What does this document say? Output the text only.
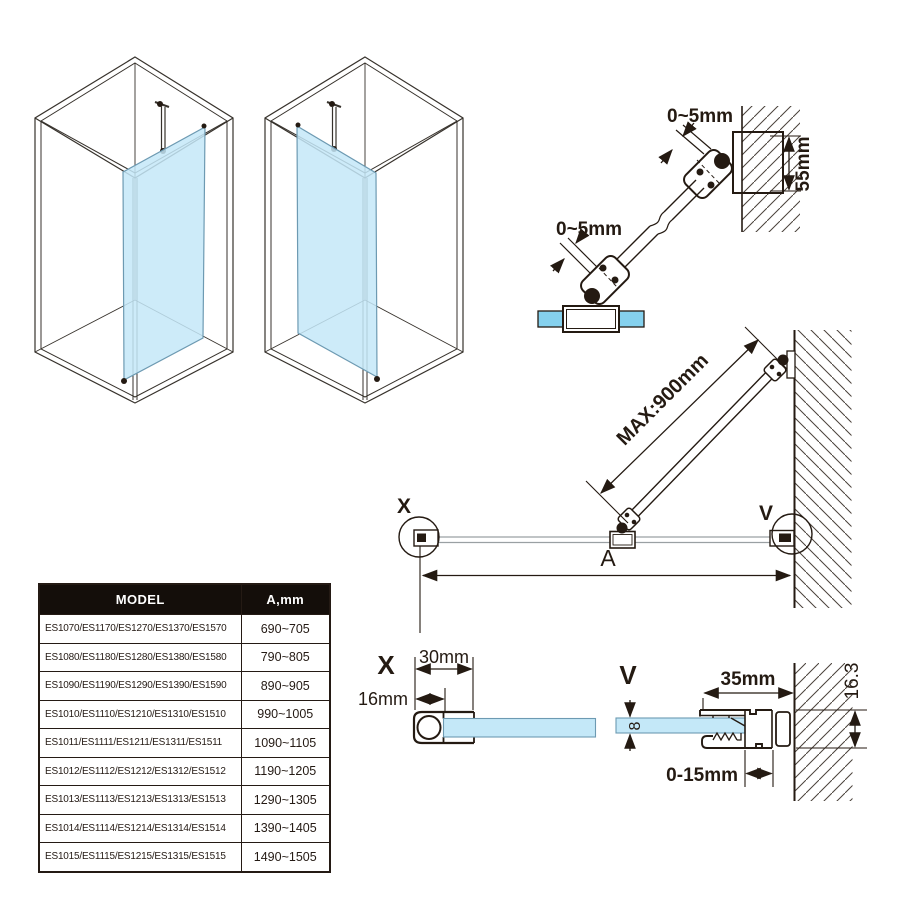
0~5mm
0~5mm
55mm
X	V
MAX:900mm
A
X 30mm
16mm
V
8
35mm
0-15mm
16.3
MODEL	A,mm
ES1070/ES1170/ES1270/ES1370/ES1570	690~705
ES1080/ES1180/ES1280/ES1380/ES1580	790~805
ES1090/ES1190/ES1290/ES1390/ES1590	890~905
ES1010/ES1110/ES1210/ES1310/ES1510	990~1005
ES1011/ES1111/ES1211/ES1311/ES1511	1090~1105
ES1012/ES1112/ES1212/ES1312/ES1512	1190~1205
ES1013/ES1113/ES1213/ES1313/ES1513	1290~1305
ES1014/ES1114/ES1214/ES1314/ES1514	1390~1405
ES1015/ES1115/ES1215/ES1315/ES1515	1490~1505
